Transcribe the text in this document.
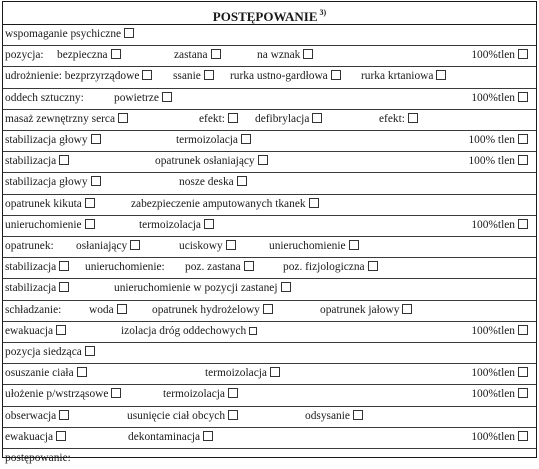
POSTĘPOWANIE $^{3)}$
wspomaganie psychiczne
pozycja: bezpieczna	zastana	na wznak	100%tlen
udrożnienie: bezprzyrządowe	ssanie	rurka ustno-gardłowa	rurka krtaniowa
oddech sztuczny:	powietrze	100%tlen
masaż zewnętrzny serca	efekt:	defibrylacja	efekt:
stabilizacja głowy	termoizolacja	100% tlen
stabilizacja	opatrunek osłaniający	100% tlen
stabilizacja głowy	nosze deska
opatrunek kikuta	zabezpieczenie amputowanych tkanek
unieruchomienie	termoizolacja	100%tlen
opatrunek: osłaniający	uciskowy	unieruchomienie
stabilizacja	unieruchomienie: poz. zastana	poz. fizjologiczna
stabilizacja	unieruchomienie w pozycji zastanej
schładzanie: woda	opatrunek hydrożelowy	opatrunek jałowy
ewakuacja	izolacja dróg oddechowych	100%tlen
pozycja siedząca
osuszanie ciała	termoizolacja	100%tlen
ułożenie p/wstrząsowe	termoizolacja	100%tlen
obserwacja	usunięcie ciał obcych	odsysanie
ewakuacja	dekontaminacja	100%tlen
postępowanie:
